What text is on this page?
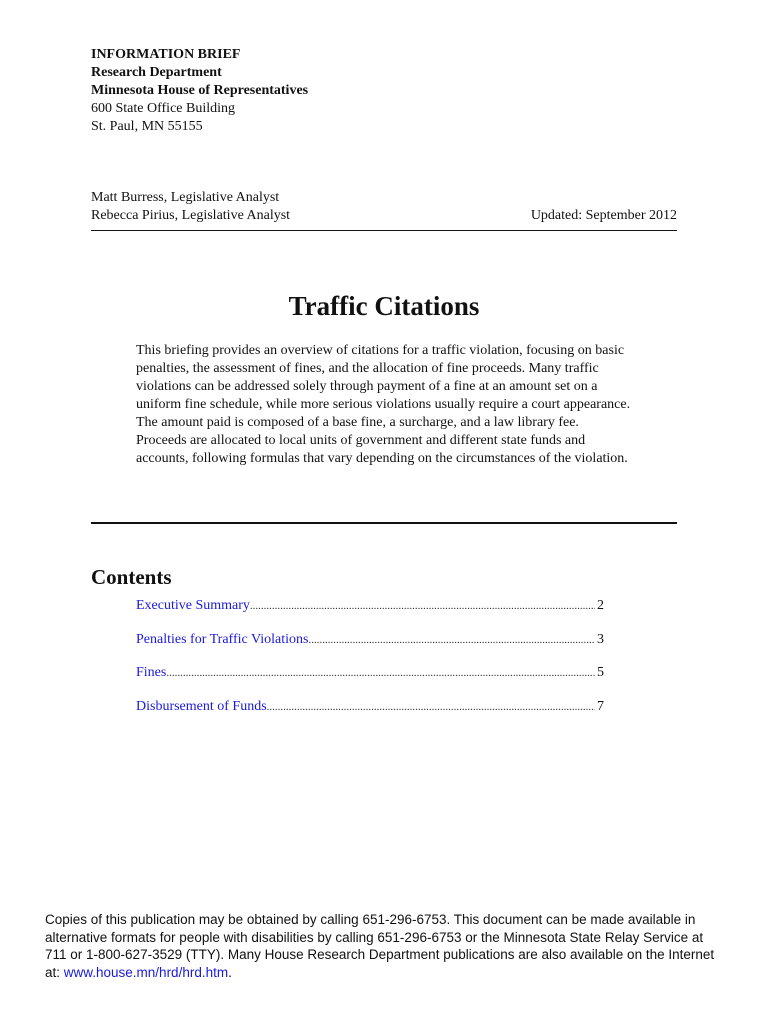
INFORMATION BRIEF
Research Department
Minnesota House of Representatives
600 State Office Building
St. Paul, MN 55155
Matt Burress, Legislative Analyst
Rebecca Pirius, Legislative Analyst	Updated: September 2012
Traffic Citations
This briefing provides an overview of citations for a traffic violation, focusing on basic penalties, the assessment of fines, and the allocation of fine proceeds. Many traffic violations can be addressed solely through payment of a fine at an amount set on a uniform fine schedule, while more serious violations usually require a court appearance. The amount paid is composed of a base fine, a surcharge, and a law library fee. Proceeds are allocated to local units of government and different state funds and accounts, following formulas that vary depending on the circumstances of the violation.
Contents
Executive Summary .....	2
Penalties for Traffic Violations .....	3
Fines .....	5
Disbursement of Funds .....	7
Copies of this publication may be obtained by calling 651-296-6753. This document can be made available in alternative formats for people with disabilities by calling 651-296-6753 or the Minnesota State Relay Service at 711 or 1-800-627-3529 (TTY). Many House Research Department publications are also available on the Internet at: www.house.mn/hrd/hrd.htm.
